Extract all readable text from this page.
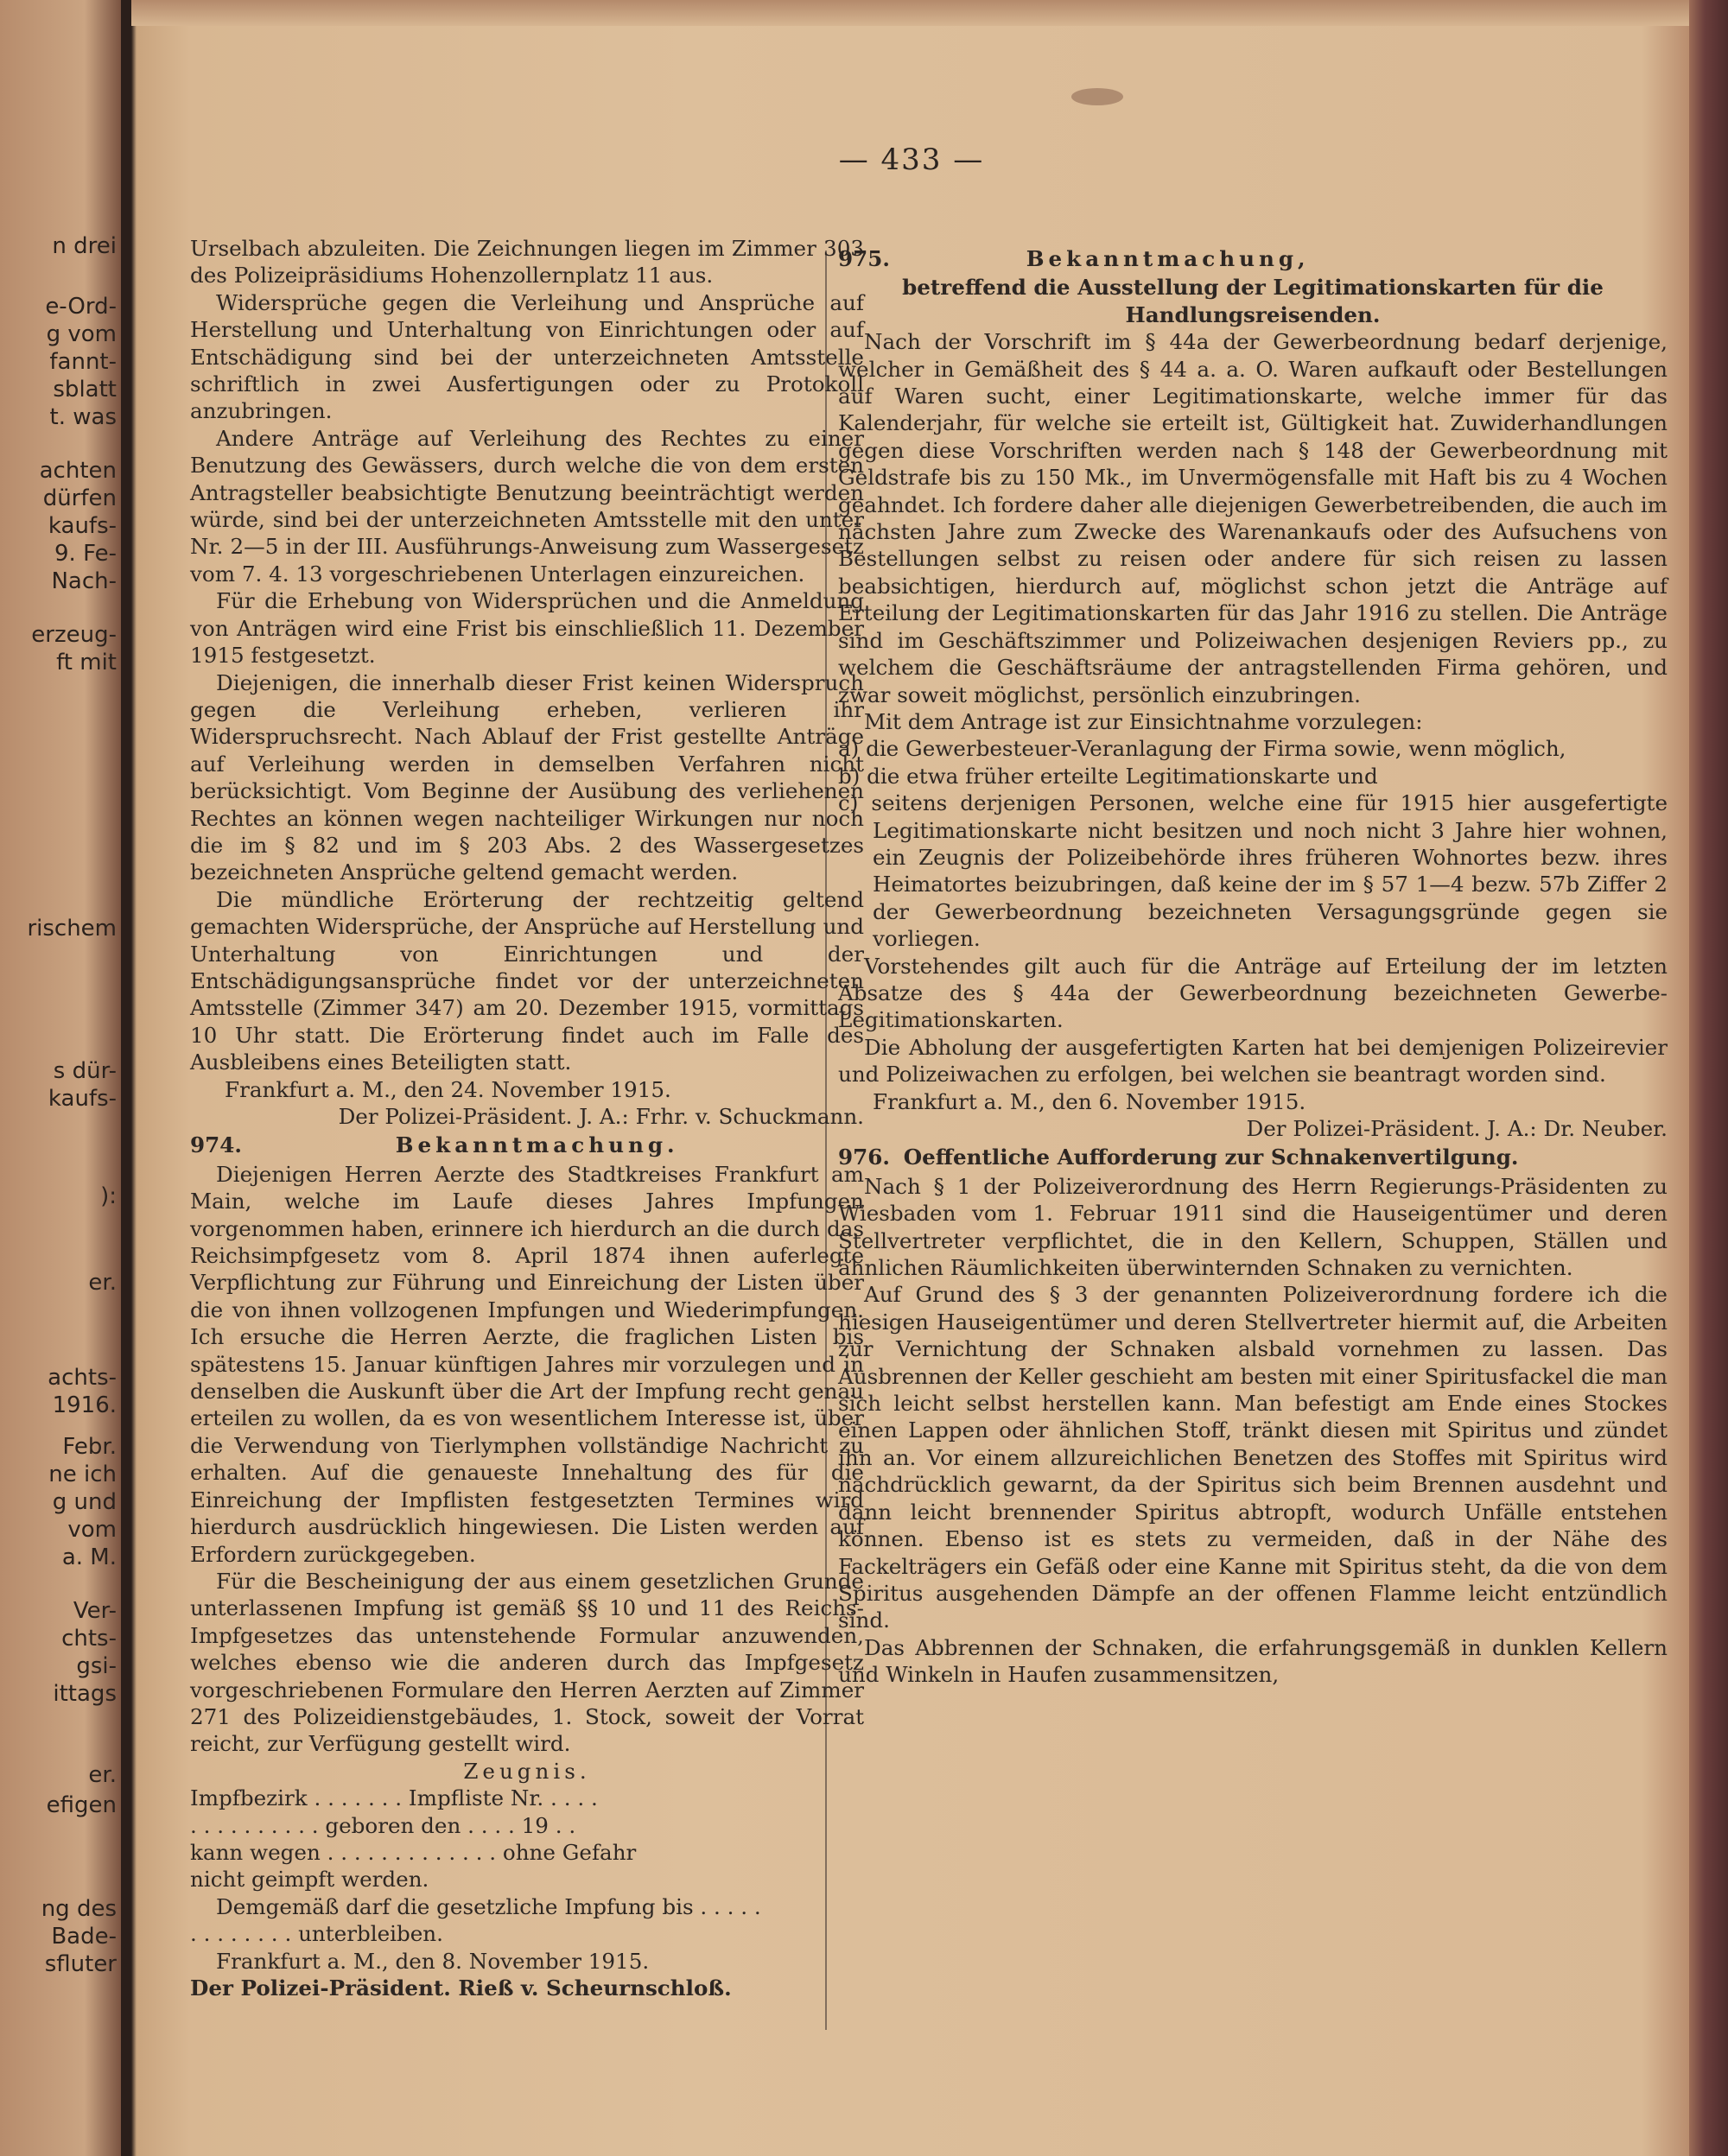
n drei
e-Ord-
g vom
fannt-
sblatt
t. was
achten
dürfen
kaufs-
9. Fe-
Nach-
erzeug-
ft mit
rischem
s dür-
kaufs-
):
er.
achts-
1916.
Febr.
ne ich
g und
vom
a. M.
Ver-
chts-
gsi-
ittags
er.
efigen
ng des
Bade-
sfluter
— 433 —

Urselbach abzuleiten. Die Zeichnungen liegen im Zimmer 303 des Polizeipräsidiums Hohenzollernplatz 11 aus.

Widersprüche gegen die Verleihung und Ansprüche auf Herstellung und Unterhaltung von Einrichtungen oder auf Entschädigung sind bei der unterzeichneten Amtsstelle schriftlich in zwei Ausfertigungen oder zu Protokoll anzubringen.

Andere Anträge auf Verleihung des Rechtes zu einer Benutzung des Gewässers, durch welche die von dem ersten Antragsteller beabsichtigte Benutzung beeinträchtigt werden würde, sind bei der unterzeichneten Amtsstelle mit den unter Nr. 2—5 in der III. Ausführungs-Anweisung zum Wassergesetz vom 7. 4. 13 vorgeschriebenen Unterlagen einzureichen.

Für die Erhebung von Widersprüchen und die Anmeldung von Anträgen wird eine Frist bis einschließlich 11. Dezember 1915 festgesetzt.

Diejenigen, die innerhalb dieser Frist keinen Widerspruch gegen die Verleihung erheben, verlieren ihr Widerspruchsrecht. Nach Ablauf der Frist gestellte Anträge auf Verleihung werden in demselben Verfahren nicht berücksichtigt. Vom Beginne der Ausübung des verliehenen Rechtes an können wegen nachteiliger Wirkungen nur noch die im § 82 und im § 203 Abs. 2 des Wassergesetzes bezeichneten Ansprüche geltend gemacht werden.

Die mündliche Erörterung der rechtzeitig geltend gemachten Widersprüche, der Ansprüche auf Herstellung und Unterhaltung von Einrichtungen und der Entschädigungsansprüche findet vor der unterzeichneten Amtsstelle (Zimmer 347) am 20. Dezember 1915, vormittags 10 Uhr statt. Die Erörterung findet auch im Falle des Ausbleibens eines Beteiligten statt.

Frankfurt a. M., den 24. November 1915.

Der Polizei-Präsident. J. A.: Frhr. v. Schuckmann.
974.	Bekanntmachung.

Diejenigen Herren Aerzte des Stadtkreises Frankfurt am Main, welche im Laufe dieses Jahres Impfungen vorgenommen haben, erinnere ich hierdurch an die durch das Reichsimpfgesetz vom 8. April 1874 ihnen auferlegte Verpflichtung zur Führung und Einreichung der Listen über die von ihnen vollzogenen Impfungen und Wiederimpfungen. Ich ersuche die Herren Aerzte, die fraglichen Listen bis spätestens 15. Januar künftigen Jahres mir vorzulegen und in denselben die Auskunft über die Art der Impfung recht genau erteilen zu wollen, da es von wesentlichem Interesse ist, über die Verwendung von Tierlymphen vollständige Nachricht zu erhalten. Auf die genaueste Innehaltung des für die Einreichung der Impflisten festgesetzten Termines wird hierdurch ausdrücklich hingewiesen. Die Listen werden auf Erfordern zurückgegeben.

Für die Bescheinigung der aus einem gesetzlichen Grunde unterlassenen Impfung ist gemäß §§ 10 und 11 des Reichs-Impfgesetzes das untenstehende Formular anzuwenden, welches ebenso wie die anderen durch das Impfgesetz vorgeschriebenen Formulare den Herren Aerzten auf Zimmer 271 des Polizeidienstgebäudes, 1. Stock, soweit der Vorrat reicht, zur Verfügung gestellt wird.

Zeugnis.
Impfbezirk . . . . . . . Impfliste Nr. . . . .
. . . . . . . . . . geboren den . . . . 19 . .
kann wegen . . . . . . . . . . . . . ohne Gefahr
nicht geimpft werden.
Demgemäß darf die gesetzliche Impfung bis . . . . .
. . . . . . . . unterbleiben.
Frankfurt a. M., den 8. November 1915.
Der Polizei-Präsident. Rieß v. Scheurnschloß.
975.	Bekanntmachung,
betreffend die Ausstellung der Legitimationskarten für die Handlungsreisenden.

Nach der Vorschrift im § 44a der Gewerbeordnung bedarf derjenige, welcher in Gemäßheit des § 44 a. a. O. Waren aufkauft oder Bestellungen auf Waren sucht, einer Legitimationskarte, welche immer für das Kalenderjahr, für welche sie erteilt ist, Gültigkeit hat. Zuwiderhandlungen gegen diese Vorschriften werden nach § 148 der Gewerbeordnung mit Geldstrafe bis zu 150 Mk., im Unvermögensfalle mit Haft bis zu 4 Wochen geahndet. Ich fordere daher alle diejenigen Gewerbetreibenden, die auch im nächsten Jahre zum Zwecke des Warenankaufs oder des Aufsuchens von Bestellungen selbst zu reisen oder andere für sich reisen zu lassen beabsichtigen, hierdurch auf, möglichst schon jetzt die Anträge auf Erteilung der Legitimationskarten für das Jahr 1916 zu stellen. Die Anträge sind im Geschäftszimmer und Polizeiwachen desjenigen Reviers pp., zu welchem die Geschäftsräume der antragstellenden Firma gehören, und zwar soweit möglichst, persönlich einzubringen.

Mit dem Antrage ist zur Einsichtnahme vorzulegen:

a) die Gewerbesteuer-Veranlagung der Firma sowie, wenn möglich,
b) die etwa früher erteilte Legitimationskarte und
c) seitens derjenigen Personen, welche eine für 1915 hier ausgefertigte Legitimationskarte nicht besitzen und noch nicht 3 Jahre hier wohnen, ein Zeugnis der Polizeibehörde ihres früheren Wohnortes bezw. ihres Heimatortes beizubringen, daß keine der im § 57 1—4 bezw. 57b Ziffer 2 der Gewerbeordnung bezeichneten Versagungsgründe gegen sie vorliegen.

Vorstehendes gilt auch für die Anträge auf Erteilung der im letzten Absatze des § 44a der Gewerbeordnung bezeichneten Gewerbe-Legitimationskarten.

Die Abholung der ausgefertigten Karten hat bei demjenigen Polizeirevier und Polizeiwachen zu erfolgen, bei welchen sie beantragt worden sind.

Frankfurt a. M., den 6. November 1915.

Der Polizei-Präsident. J. A.: Dr. Neuber.
976. Oeffentliche Aufforderung zur Schnakenvertilgung.

Nach § 1 der Polizeiverordnung des Herrn Regierungs-Präsidenten zu Wiesbaden vom 1. Februar 1911 sind die Hauseigentümer und deren Stellvertreter verpflichtet, die in den Kellern, Schuppen, Ställen und ähnlichen Räumlichkeiten überwinternden Schnaken zu vernichten.

Auf Grund des § 3 der genannten Polizeiverordnung fordere ich die hiesigen Hauseigentümer und deren Stellvertreter hiermit auf, die Arbeiten zur Vernichtung der Schnaken alsbald vornehmen zu lassen. Das Ausbrennen der Keller geschieht am besten mit einer Spiritusfackel die man sich leicht selbst herstellen kann. Man befestigt am Ende eines Stockes einen Lappen oder ähnlichen Stoff, tränkt diesen mit Spiritus und zündet ihn an. Vor einem allzureichlichen Benetzen des Stoffes mit Spiritus wird nachdrücklich gewarnt, da der Spiritus sich beim Brennen ausdehnt und dann leicht brennender Spiritus abtropft, wodurch Unfälle entstehen können. Ebenso ist es stets zu vermeiden, daß in der Nähe des Fackelträgers ein Gefäß oder eine Kanne mit Spiritus steht, da die von dem Spiritus ausgehenden Dämpfe an der offenen Flamme leicht entzündlich sind.

Das Abbrennen der Schnaken, die erfahrungsgemäß in dunklen Kellern und Winkeln in Haufen zusammensitzen,
